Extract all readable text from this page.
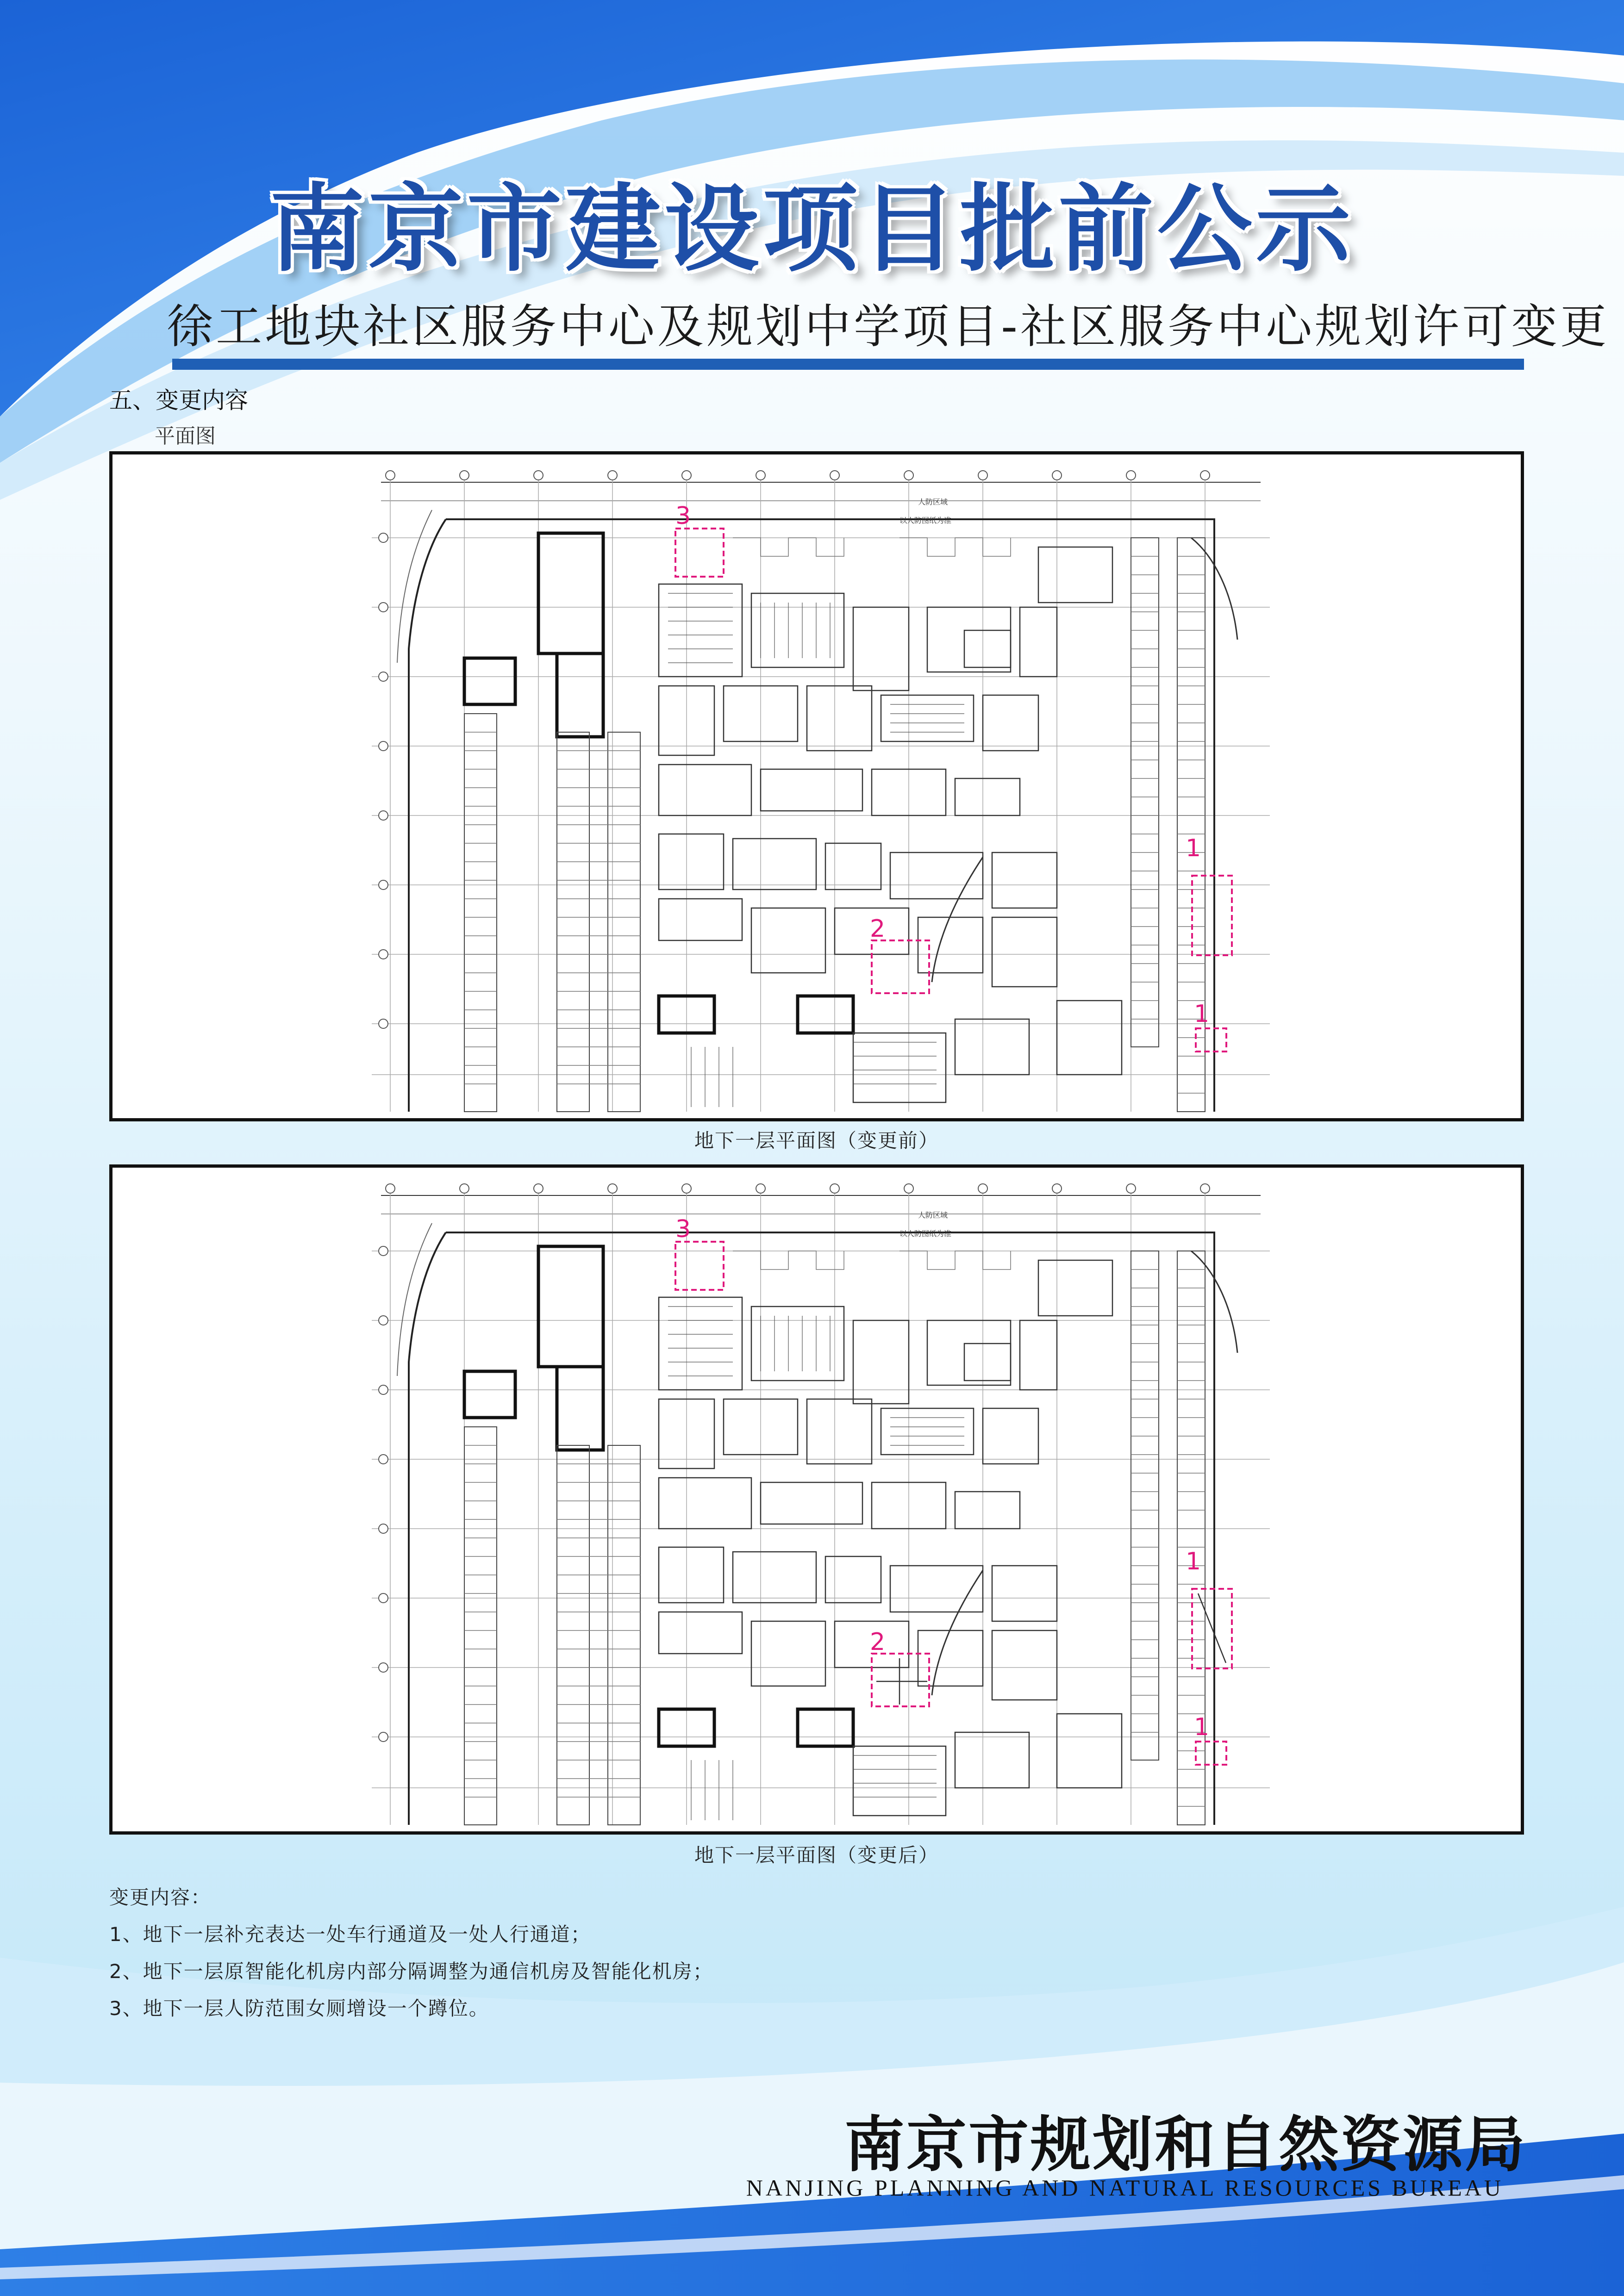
南京市建设项目批前公示
徐工地块社区服务中心及规划中学项目-社区服务中心规划许可变更
五、变更内容
平面图
人防区域
以人防图纸为准
3
2
1
1
地下一层平面图（变更前）
人防区域
以人防图纸为准
3
2
1
1
地下一层平面图（变更后）
变更内容：
1、地下一层补充表达一处车行通道及一处人行通道；
2、地下一层原智能化机房内部分隔调整为通信机房及智能化机房；
3、地下一层人防范围女厕增设一个蹲位。
南京市规划和自然资源局
NANJING PLANNING AND NATURAL RESOURCES BUREAU
